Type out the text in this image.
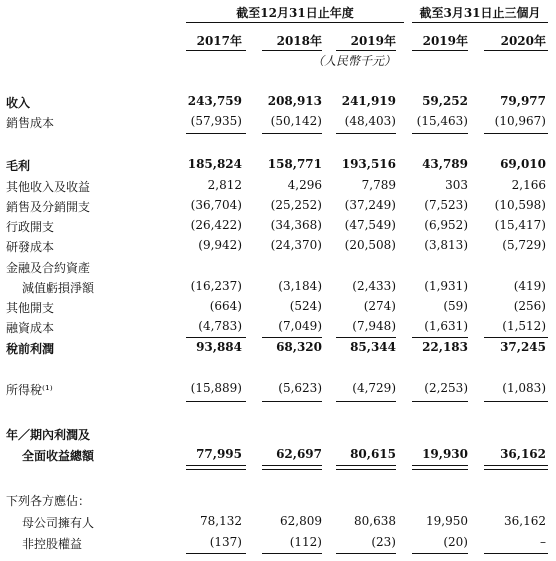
截至12月31日止年度	截至3月31日止三個月
2017年	2018年 2019年 2019年	2020年
（人民幣千元）
收入	243,759 208,913 241,919 59,252	79,977
銷售成本	(57,935) (50,142) (48,403) (15,463) (10,967)
毛利	185,824 158,771 193,516 43,789	69,010
其他收入及收益	2,812	4,296	7,789	303	2,166
銷售及分銷開支	(36,704) (25,252) (37,249) (7,523) (10,598)
行政開支	(26,422) (34,368) (47,549) (6,952) (15,417)
研發成本	(9,942) (24,370) (20,508) (3,813)	(5,729)
金融及合約資產
減值虧損淨額	(16,237)	(3,184)	(2,433) (1,931)	(419)
其他開支	(664)	(524)	(274)	(59)	(256)
融資成本	(4,783)	(7,049)	(7,948) (1,631)	(1,512)
稅前利潤	93,884	68,320 85,344 22,183	37,245
所得稅⁽¹⁾	(15,889)	(5,623)	(4,729) (2,253)	(1,083)
年／期內利潤及
全面收益總額	77,995	62,697 80,615 19,930	36,162
下列各方應佔：
母公司擁有人	78,132	62,809	80,638	19,950	36,162
非控股權益	(137)	(112)	(23)	(20)	–
